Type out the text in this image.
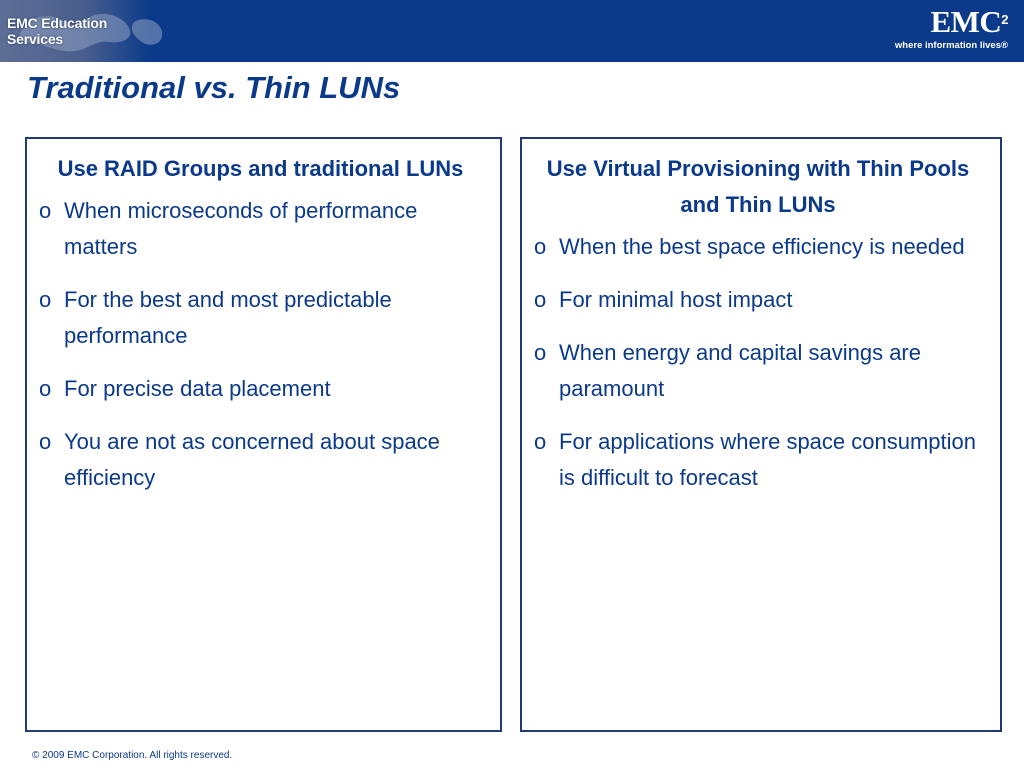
EMC Education Services	EMC$^2$
where information lives®
Traditional vs. Thin LUNs
Use RAID Groups and traditional LUNs
o When microseconds of performance matters
o For the best and most predictable performance
o For precise data placement
o You are not as concerned about space efficiency
Use Virtual Provisioning with Thin Pools and Thin LUNs
o When the best space efficiency is needed
o For minimal host impact
o When energy and capital savings are paramount
o For applications where space consumption is difficult to forecast
© 2009 EMC Corporation. All rights reserved.
